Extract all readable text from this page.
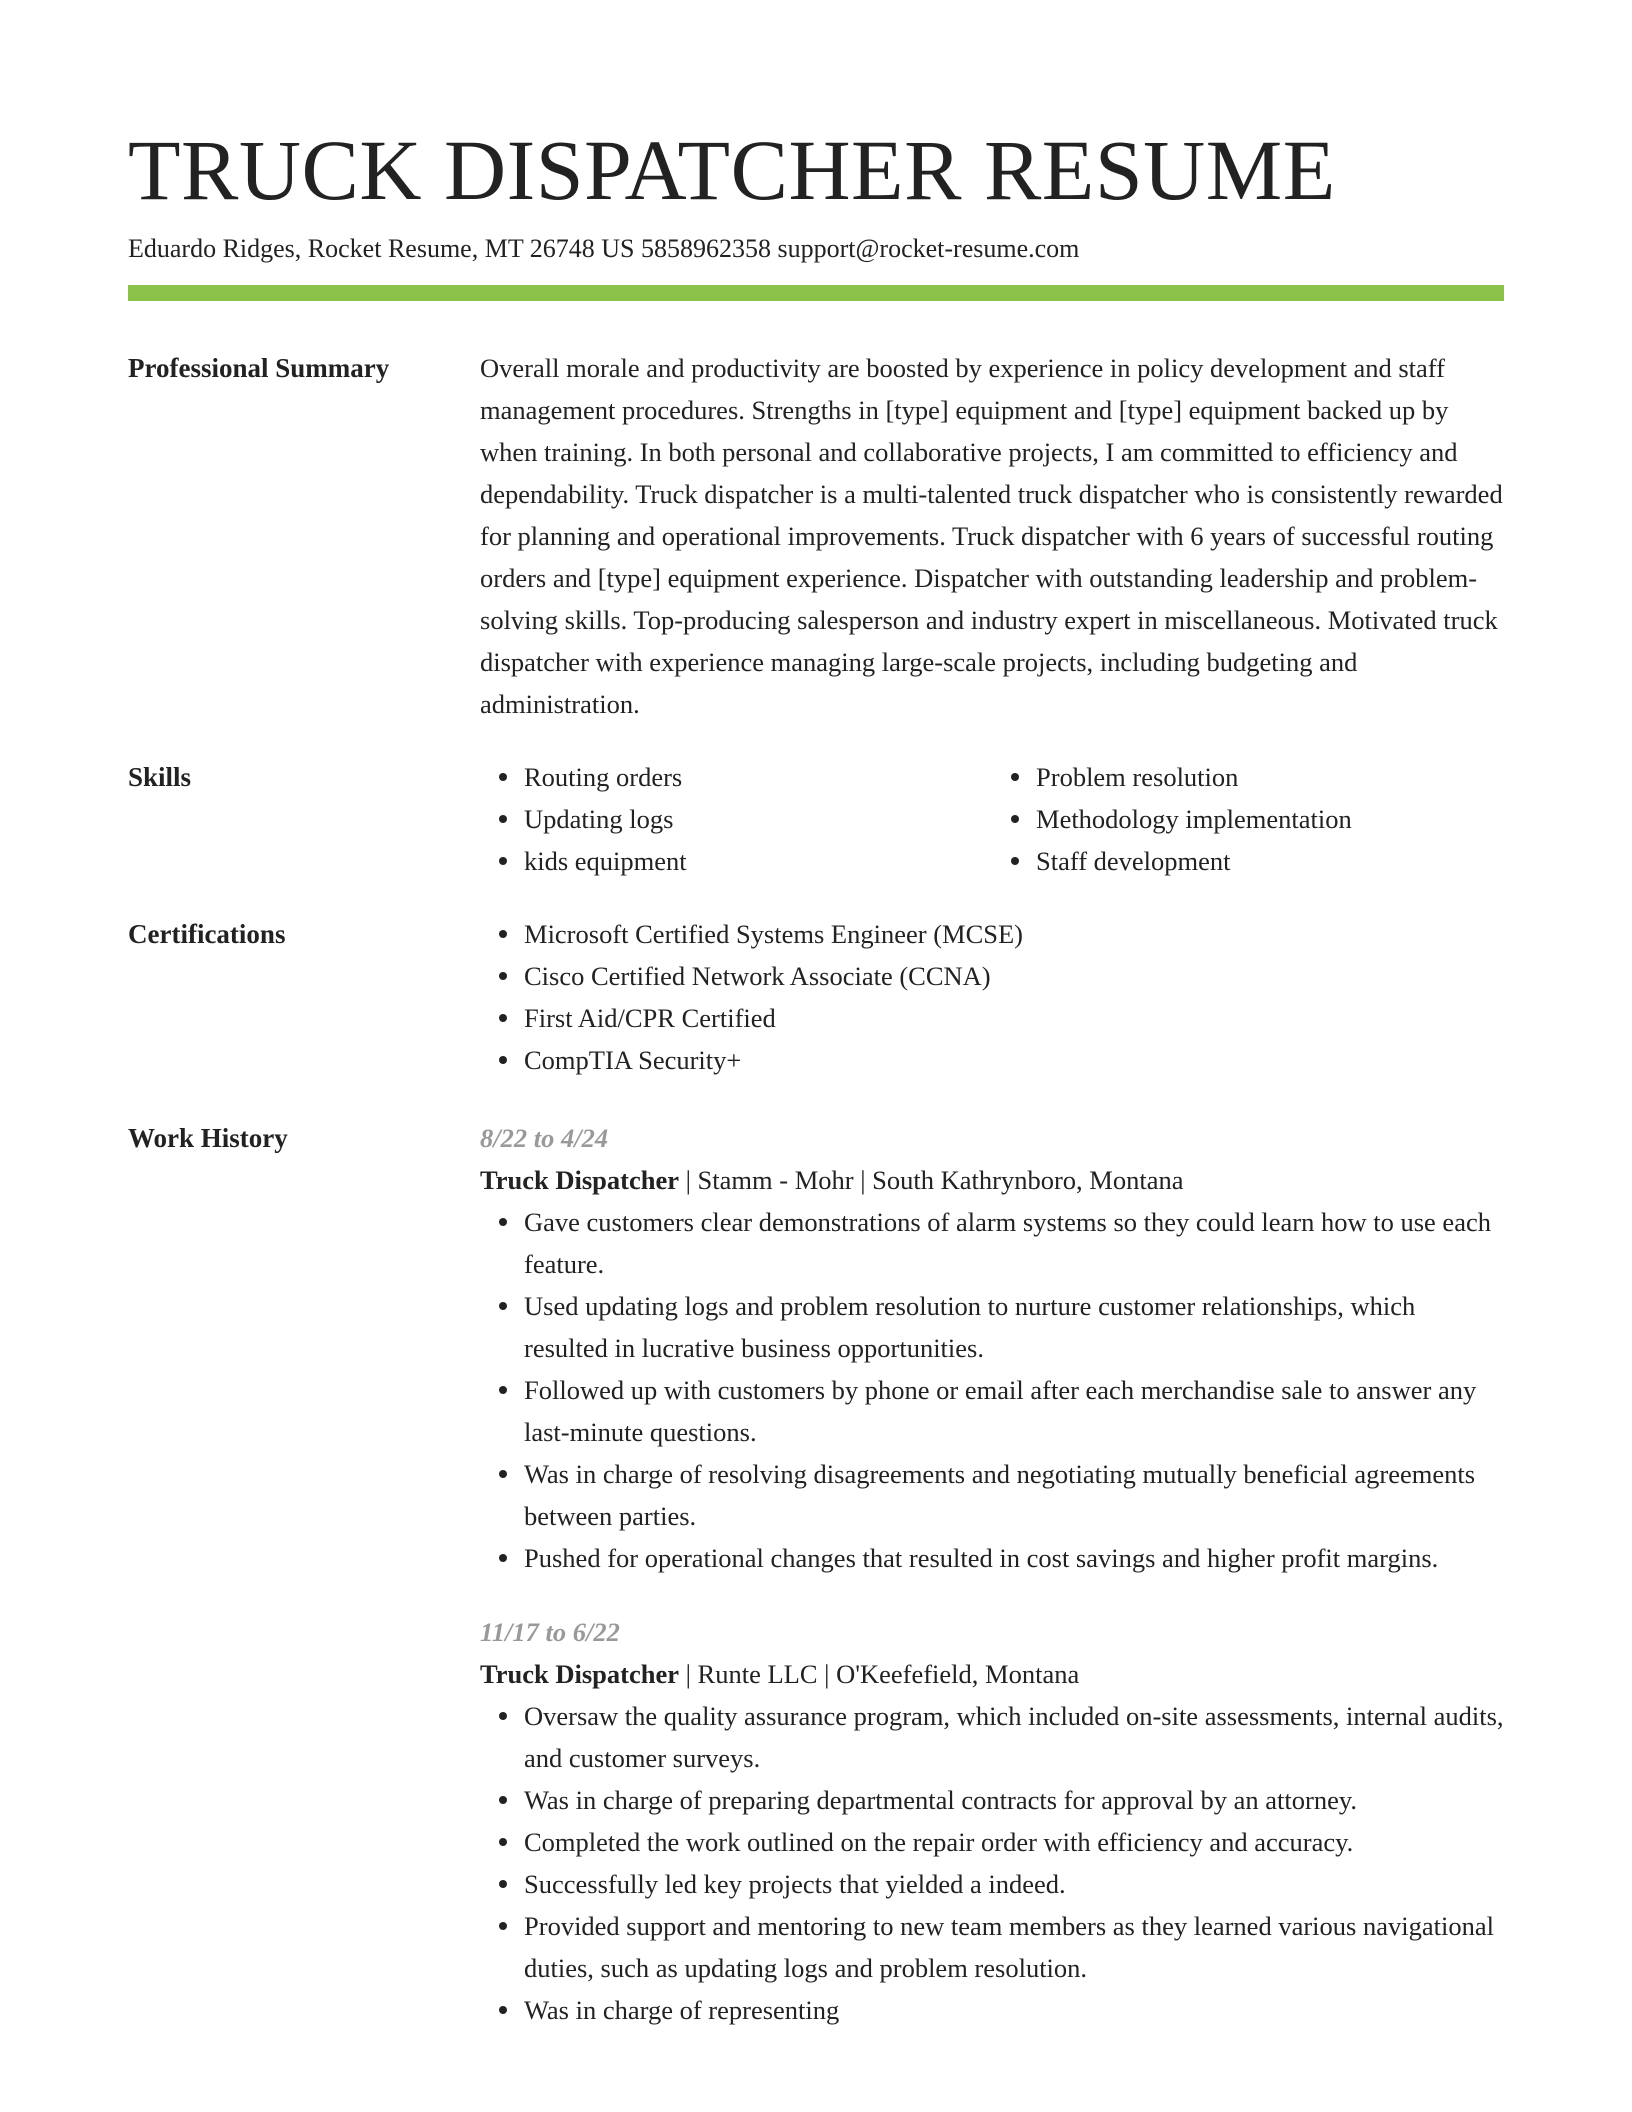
TRUCK DISPATCHER RESUME
Eduardo Ridges, Rocket Resume, MT 26748 US 5858962358 support@rocket-resume.com
Professional Summary	Overall morale and productivity are boosted by experience in policy development and staff management procedures. Strengths in [type] equipment and [type] equipment backed up by when training. In both personal and collaborative projects, I am committed to efficiency and dependability. Truck dispatcher is a multi-talented truck dispatcher who is consistently rewarded for planning and operational improvements. Truck dispatcher with 6 years of successful routing orders and [type] equipment experience. Dispatcher with outstanding leadership and problem-solving skills. Top-producing salesperson and industry expert in miscellaneous. Motivated truck dispatcher with experience managing large-scale projects, including budgeting and administration.

Skills	Routing orders
Updating logs
kids equipment
Problem resolution
Methodology implementation
Staff development
Certifications	Microsoft Certified Systems Engineer (MCSE)
Cisco Certified Network Associate (CCNA)
First Aid/CPR Certified
CompTIA Security+
Work History	8/22 to 4/24
Truck Dispatcher | Stamm - Mohr | South Kathrynboro, Montana
Gave customers clear demonstrations of alarm systems so they could learn how to use each feature.
Used updating logs and problem resolution to nurture customer relationships, which resulted in lucrative business opportunities.
Followed up with customers by phone or email after each merchandise sale to answer any last-minute questions.
Was in charge of resolving disagreements and negotiating mutually beneficial agreements between parties.
Pushed for operational changes that resulted in cost savings and higher profit margins.
11/17 to 6/22
Truck Dispatcher | Runte LLC | O'Keefefield, Montana
Oversaw the quality assurance program, which included on-site assessments, internal audits, and customer surveys.
Was in charge of preparing departmental contracts for approval by an attorney.
Completed the work outlined on the repair order with efficiency and accuracy.
Successfully led key projects that yielded a indeed.
Provided support and mentoring to new team members as they learned various navigational duties, such as updating logs and problem resolution.
Was in charge of representing
